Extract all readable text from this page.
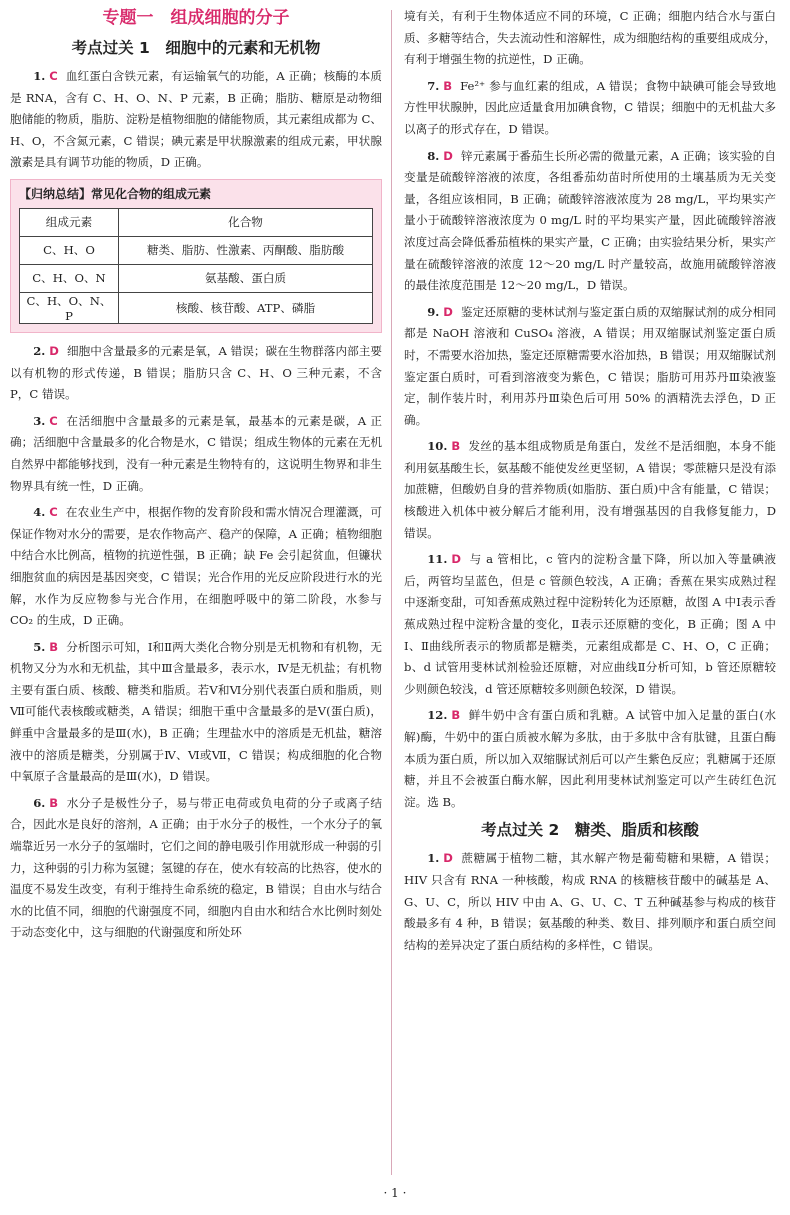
专题一　组成细胞的分子
考点过关 1　细胞中的元素和无机物

1. C 血红蛋白含铁元素，有运输氧气的功能，A 正确；核酶的本质是 RNA，含有 C、H、O、N、P 元素，B 正确；脂肪、糖原是动物细胞储能的物质，脂肪、淀粉是植物细胞的储能物质，其元素组成都为 C、H、O，不含氮元素，C 错误；碘元素是甲状腺激素的组成元素，甲状腺激素是具有调节功能的物质，D 正确。

【归纳总结】常见化合物的组成元素
组成元素	化合物
C、H、O	糖类、脂肪、性激素、丙酮酸、脂肪酸
C、H、O、N	氨基酸、蛋白质
C、H、O、N、P	核酸、核苷酸、ATP、磷脂

2. D 细胞中含量最多的元素是氧，A 错误；碳在生物群落内部主要以有机物的形式传递，B 错误；脂肪只含 C、H、O 三种元素，不含 P，C 错误。

3. C 在活细胞中含量最多的元素是氧，最基本的元素是碳，A 正确；活细胞中含量最多的化合物是水，C 错误；组成生物体的元素在无机自然界中都能够找到，没有一种元素是生物特有的，这说明生物界和非生物界具有统一性，D 正确。

4. C 在农业生产中，根据作物的发育阶段和需水情况合理灌溉，可保证作物对水分的需要，是农作物高产、稳产的保障，A 正确；植物细胞中结合水比例高，植物的抗逆性强，B 正确；缺 Fe 会引起贫血，但镰状细胞贫血的病因是基因突变，C 错误；光合作用的光反应阶段进行水的光解，水作为反应物参与光合作用，在细胞呼吸中的第二阶段，水参与 CO₂ 的生成，D 正确。

5. B 分析图示可知，Ⅰ和Ⅱ两大类化合物分别是无机物和有机物，无机物又分为水和无机盐，其中Ⅲ含量最多，表示水，Ⅳ是无机盐；有机物主要有蛋白质、核酸、糖类和脂质。若Ⅴ和Ⅵ分别代表蛋白质和脂质，则Ⅶ可能代表核酸或糖类，A 错误；细胞干重中含量最多的是Ⅴ(蛋白质)，鲜重中含量最多的是Ⅲ(水)，B 正确；生理盐水中的溶质是无机盐，糖溶液中的溶质是糖类，分别属于Ⅳ、Ⅵ或Ⅶ，C 错误；构成细胞的化合物中氧原子含量最高的是Ⅲ(水)，D 错误。

6. B 水分子是极性分子，易与带正电荷或负电荷的分子或离子结合，因此水是良好的溶剂，A 正确；由于水分子的极性，一个水分子的氧端靠近另一水分子的氢端时，它们之间的静电吸引作用就形成一种弱的引力，这种弱的引力称为氢键；氢键的存在，使水有较高的比热容，使水的温度不易发生改变，有利于维持生命系统的稳定，B 错误；自由水与结合水的比值不同，细胞的代谢强度不同，细胞内自由水和结合水比例时刻处于动态变化中，这与细胞的代谢强度和所处环

境有关，有利于生物体适应不同的环境，C 正确；细胞内结合水与蛋白质、多糖等结合，失去流动性和溶解性，成为细胞结构的重要组成成分，有利于增强生物的抗逆性，D 正确。

7. B Fe²⁺ 参与血红素的组成，A 错误；食物中缺碘可能会导致地方性甲状腺肿，因此应适量食用加碘食物，C 错误；细胞中的无机盐大多以离子的形式存在，D 错误。

8. D 锌元素属于番茄生长所必需的微量元素，A 正确；该实验的自变量是硫酸锌溶液的浓度，各组番茄幼苗时所使用的土壤基质为无关变量，各组应该相同，B 正确；硫酸锌溶液浓度为 28 mg/L，平均果实产量小于硫酸锌溶液浓度为 0 mg/L 时的平均果实产量，因此硫酸锌溶液浓度过高会降低番茄植株的果实产量，C 正确；由实验结果分析，果实产量在硫酸锌溶液的浓度 12～20 mg/L 时产量较高，故施用硫酸锌溶液的最佳浓度范围是 12～20 mg/L，D 错误。

9. D 鉴定还原糖的斐林试剂与鉴定蛋白质的双缩脲试剂的成分相同都是 NaOH 溶液和 CuSO₄ 溶液，A 错误；用双缩脲试剂鉴定蛋白质时，不需要水浴加热，鉴定还原糖需要水浴加热，B 错误；用双缩脲试剂鉴定蛋白质时，可看到溶液变为紫色，C 错误；脂肪可用苏丹Ⅲ染液鉴定，制作装片时，利用苏丹Ⅲ染色后可用 50% 的酒精洗去浮色，D 正确。

10. B 发丝的基本组成物质是角蛋白，发丝不是活细胞，本身不能利用氨基酸生长，氨基酸不能使发丝更坚韧，A 错误；零蔗糖只是没有添加蔗糖，但酸奶自身的营养物质(如脂肪、蛋白质)中含有能量，C 错误；核酸进入机体中被分解后才能利用，没有增强基因的自我修复能力，D 错误。

11. D 与 a 管相比，c 管内的淀粉含量下降，所以加入等量碘液后，两管均呈蓝色，但是 c 管颜色较浅，A 正确；香蕉在果实成熟过程中逐渐变甜，可知香蕉成熟过程中淀粉转化为还原糖，故图 A 中Ⅰ表示香蕉成熟过程中淀粉含量的变化，Ⅱ表示还原糖的变化，B 正确；图 A 中Ⅰ、Ⅱ曲线所表示的物质都是糖类，元素组成都是 C、H、O，C 正确；b、d 试管用斐林试剂检验还原糖，对应曲线Ⅱ分析可知，b 管还原糖较少则颜色较浅，d 管还原糖较多则颜色较深，D 错误。

12. B 鲜牛奶中含有蛋白质和乳糖。A 试管中加入足量的蛋白(水解)酶，牛奶中的蛋白质被水解为多肽，由于多肽中含有肽键，且蛋白酶本质为蛋白质，所以加入双缩脲试剂后可以产生紫色反应；乳糖属于还原糖，并且不会被蛋白酶水解，因此利用斐林试剂鉴定可以产生砖红色沉淀。选 B。

考点过关 2　糖类、脂质和核酸

1. D 蔗糖属于植物二糖，其水解产物是葡萄糖和果糖，A 错误；HIV 只含有 RNA 一种核酸，构成 RNA 的核糖核苷酸中的碱基是 A、G、U、C，所以 HIV 中由 A、G、U、C、T 五种碱基参与构成的核苷酸最多有 4 种，B 错误；氨基酸的种类、数目、排列顺序和蛋白质空间结构的差异决定了蛋白质结构的多样性，C 错误。

· 1 ·
